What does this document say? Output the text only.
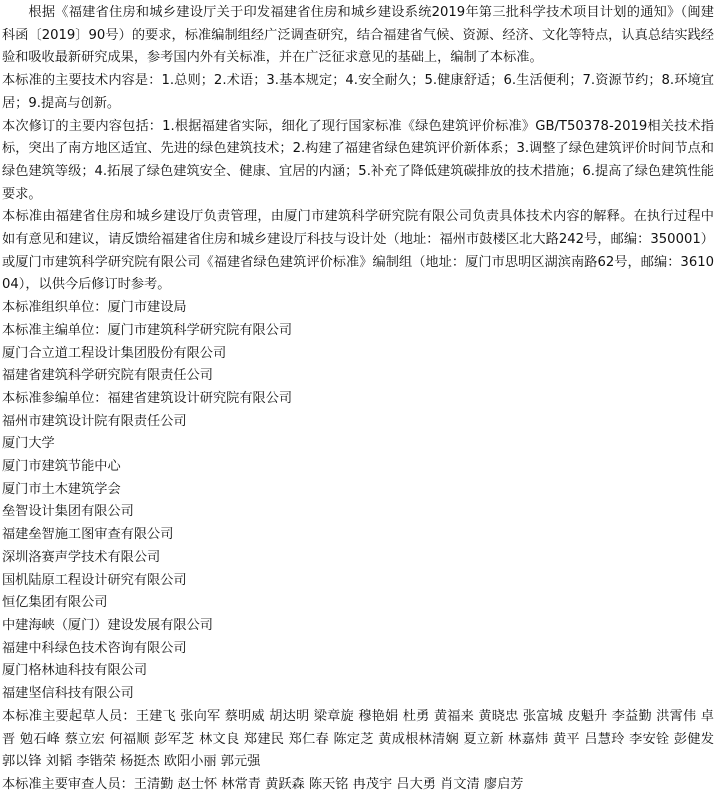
根据《福建省住房和城乡建设厅关于印发福建省住房和城乡建设系统2019年第三批科学技术项目计划的通知》（闽建科函〔2019〕90号）的要求，标准编制组经广泛调查研究，结合福建省气候、资源、经济、文化等特点，认真总结实践经验和吸收最新研究成果，参考国内外有关标准，并在广泛征求意见的基础上，编制了本标准。

本标准的主要技术内容是：1.总则；2.术语；3.基本规定；4.安全耐久；5.健康舒适；6.生活便利；7.资源节约；8.环境宜居；9.提高与创新。

本次修订的主要内容包括：1.根据福建省实际，细化了现行国家标准《绿色建筑评价标准》GB/T50378-2019相关技术指标，突出了南方地区适宜、先进的绿色建筑技术；2.构建了福建省绿色建筑评价新体系；3.调整了绿色建筑评价时间节点和绿色建筑等级；4.拓展了绿色建筑安全、健康、宜居的内涵；5.补充了降低建筑碳排放的技术措施；6.提高了绿色建筑性能要求。

本标准由福建省住房和城乡建设厅负责管理，由厦门市建筑科学研究院有限公司负责具体技术内容的解释。在执行过程中如有意见和建议，请反馈给福建省住房和城乡建设厅科技与设计处（地址：福州市鼓楼区北大路242号，邮编：350001）或厦门市建筑科学研究院有限公司《福建省绿色建筑评价标准》编制组（地址：厦门市思明区湖滨南路62号，邮编：361004），以供今后修订时参考。

本标准组织单位：厦门市建设局
本标准主编单位：厦门市建筑科学研究院有限公司
厦门合立道工程设计集团股份有限公司
福建省建筑科学研究院有限责任公司
本标准参编单位：福建省建筑设计研究院有限公司
福州市建筑设计院有限责任公司
厦门大学
厦门市建筑节能中心
厦门市土木建筑学会
垒智设计集团有限公司
福建垒智施工图审查有限公司
深圳洛赛声学技术有限公司
国机陆原工程设计研究有限公司
恒亿集团有限公司
中建海峡（厦门）建设发展有限公司
福建中科绿色技术咨询有限公司
厦门格林迪科技有限公司
福建坚信科技有限公司

本标准主要起草人员：王建飞 张向军 蔡明威 胡达明 梁章旋 穆艳娟 杜勇 黄福来 黄晓忠 张富城 皮魁升 李益勤 洪霄伟 卓晋 勉石峰 蔡立宏 何福顺 彭军芝 林文良 郑建民 郑仁春 陈定芝 黄成根林清娴 夏立新 林嘉炜 黄平 吕慧玲 李安铨 彭健发 郭以锋 刘韬 李锴荣 杨挺杰 欧阳小丽 郭元强

本标准主要审查人员：王清勤 赵士怀 林常青 黄跃森 陈天铭 冉茂宇 吕大勇 肖文清 廖启芳
